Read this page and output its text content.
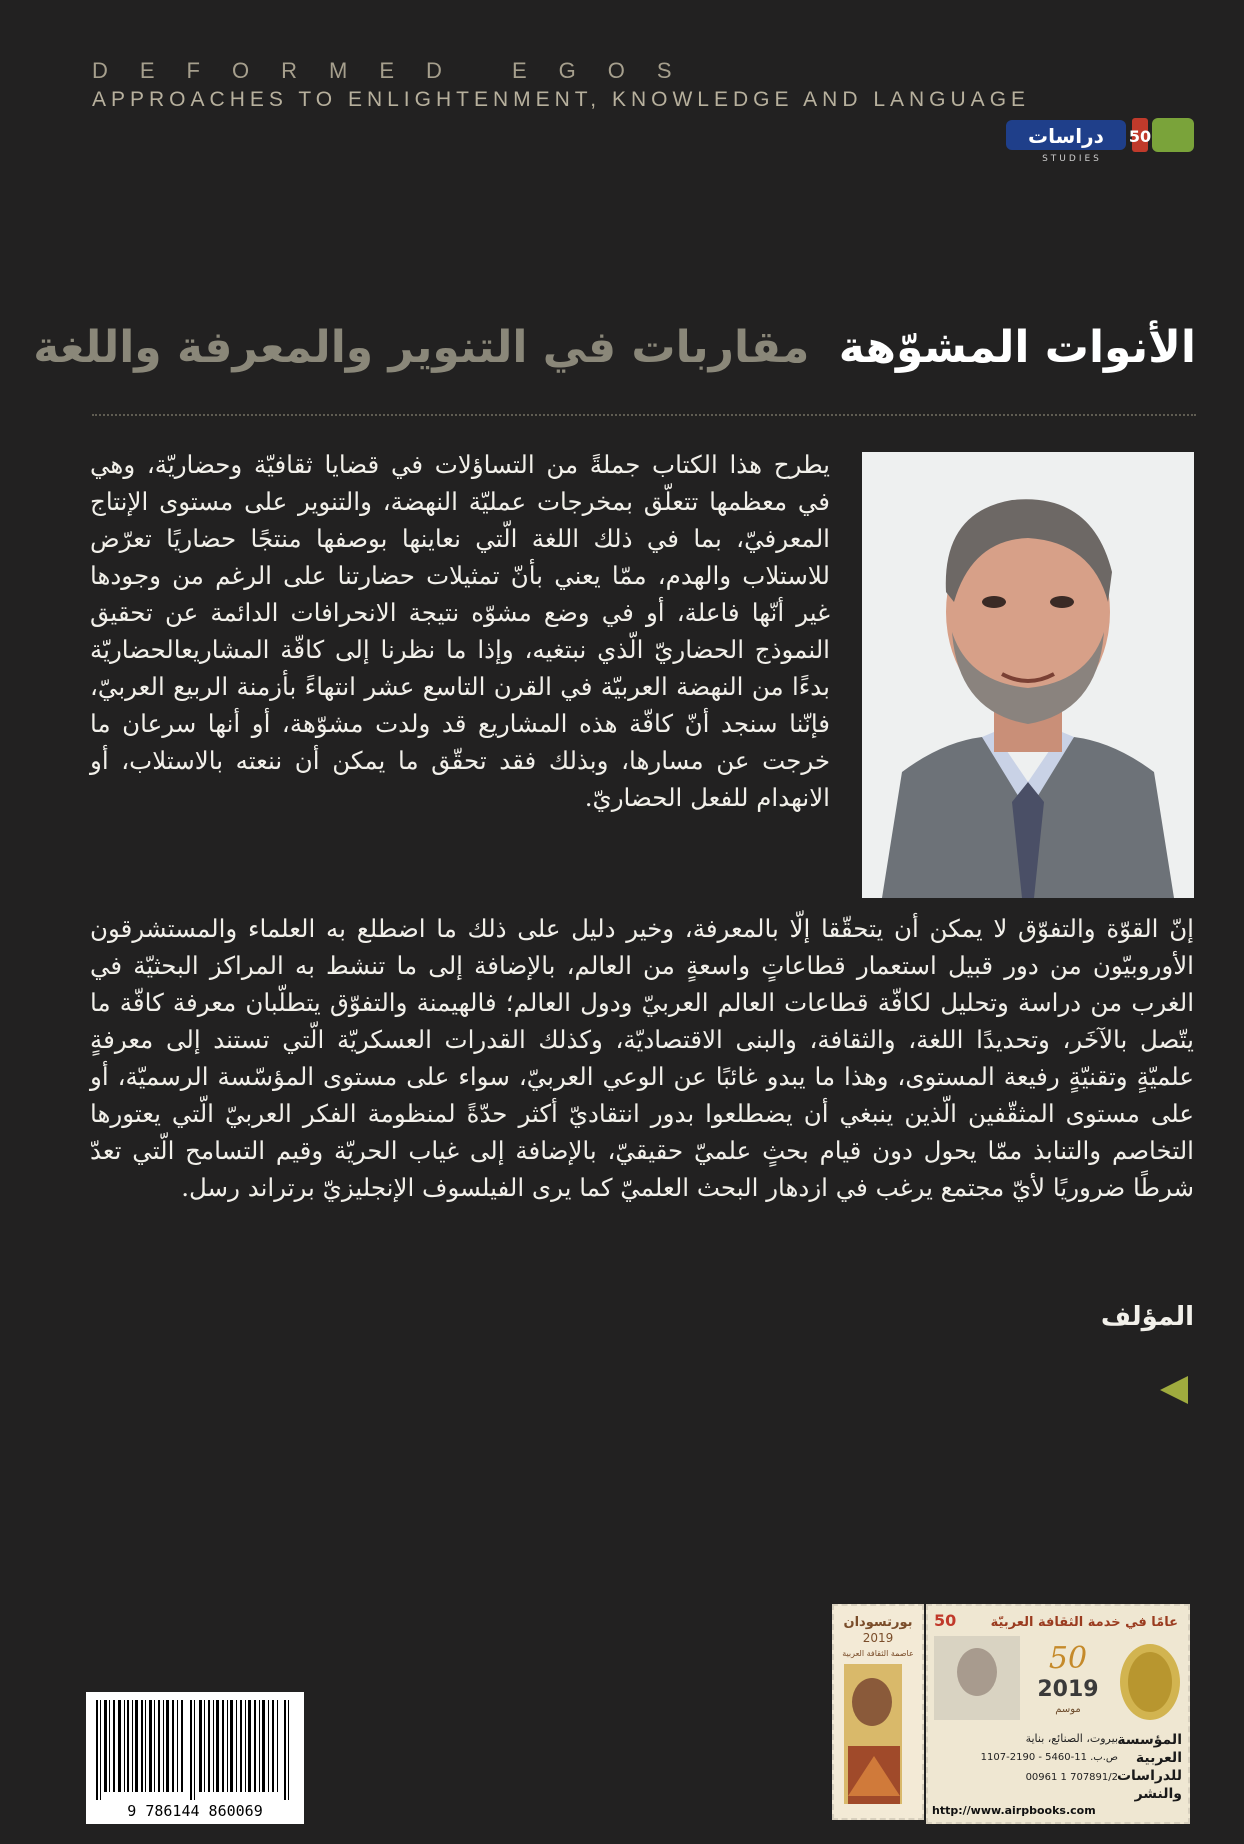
DEFORMED EGOS
APPROACHES TO ENLIGHTENMENT, KNOWLEDGE AND LANGUAGE
دراسات 50
STUDIES
الأنوات المشوّهة مقاربات في التنوير والمعرفة واللغة

يطرح هذا الكتاب جملةً من التساؤلات في قضايا ثقافيّة وحضاريّة، وهي في معظمها تتعلّق بمخرجات عمليّة النهضة، والتنوير على مستوى الإنتاج المعرفيّ، بما في ذلك اللغة الّتي نعاينها بوصفها منتجًا حضاريًا تعرّض للاستلاب والهدم، ممّا يعني بأنّ تمثيلات حضارتنا على الرغم من وجودها غير أنّها فاعلة، أو في وضع مشوّه نتيجة الانحرافات الدائمة عن تحقيق النموذج الحضاريّ الّذي نبتغيه، وإذا ما نظرنا إلى كافّة المشاريعالحضاريّة بدءًا من النهضة العربيّة في القرن التاسع عشر انتهاءً بأزمنة الربيع العربيّ، فإنّنا سنجد أنّ كافّة هذه المشاريع قد ولدت مشوّهة، أو أنها سرعان ما خرجت عن مسارها، وبذلك فقد تحقّق ما يمكن أن ننعته بالاستلاب، أو الانهدام للفعل الحضاريّ.

إنّ القوّة والتفوّق لا يمكن أن يتحقّقا إلّا بالمعرفة، وخير دليل على ذلك ما اضطلع به العلماء والمستشرقون الأوروبيّون من دور قبيل استعمار قطاعاتٍ واسعةٍ من العالم، بالإضافة إلى ما تنشط به المراكز البحثيّة في الغرب من دراسة وتحليل لكافّة قطاعات العالم العربيّ ودول العالم؛ فالهيمنة والتفوّق يتطلّبان معرفة كافّة ما يتّصل بالآخَر، وتحديدًا اللغة، والثقافة، والبنى الاقتصاديّة، وكذلك القدرات العسكريّة الّتي تستند إلى معرفةٍ علميّةٍ وتقنيّةٍ رفيعة المستوى، وهذا ما يبدو غائبًا عن الوعي العربيّ، سواء على مستوى المؤسّسة الرسميّة، أو على مستوى المثقّفين الّذين ينبغي أن يضطلعوا بدور انتقاديّ أكثر حدّةً لمنظومة الفكر العربيّ الّتي يعتورها التخاصم والتنابذ ممّا يحول دون قيام بحثٍ علميّ حقيقيّ، بالإضافة إلى غياب الحريّة وقيم التسامح الّتي تعدّ شرطًا ضروريًا لأيّ مجتمع يرغب في ازدهار البحث العلميّ كما يرى الفيلسوف الإنجليزيّ برتراند رسل.

المؤلف
بورتسودان
2019
عاصمة الثقافة العربية
عامًا في خدمة الثقافة العربيّة
50
50
2019
موسم
المؤسسة
العربية
للدراسات
والنشر
بيروت، الصنائع، بناية
ص.ب. 11-5460 - 2190-1107
00961 1 707891/2
http://www.airpbooks.com
9 786144 860069
